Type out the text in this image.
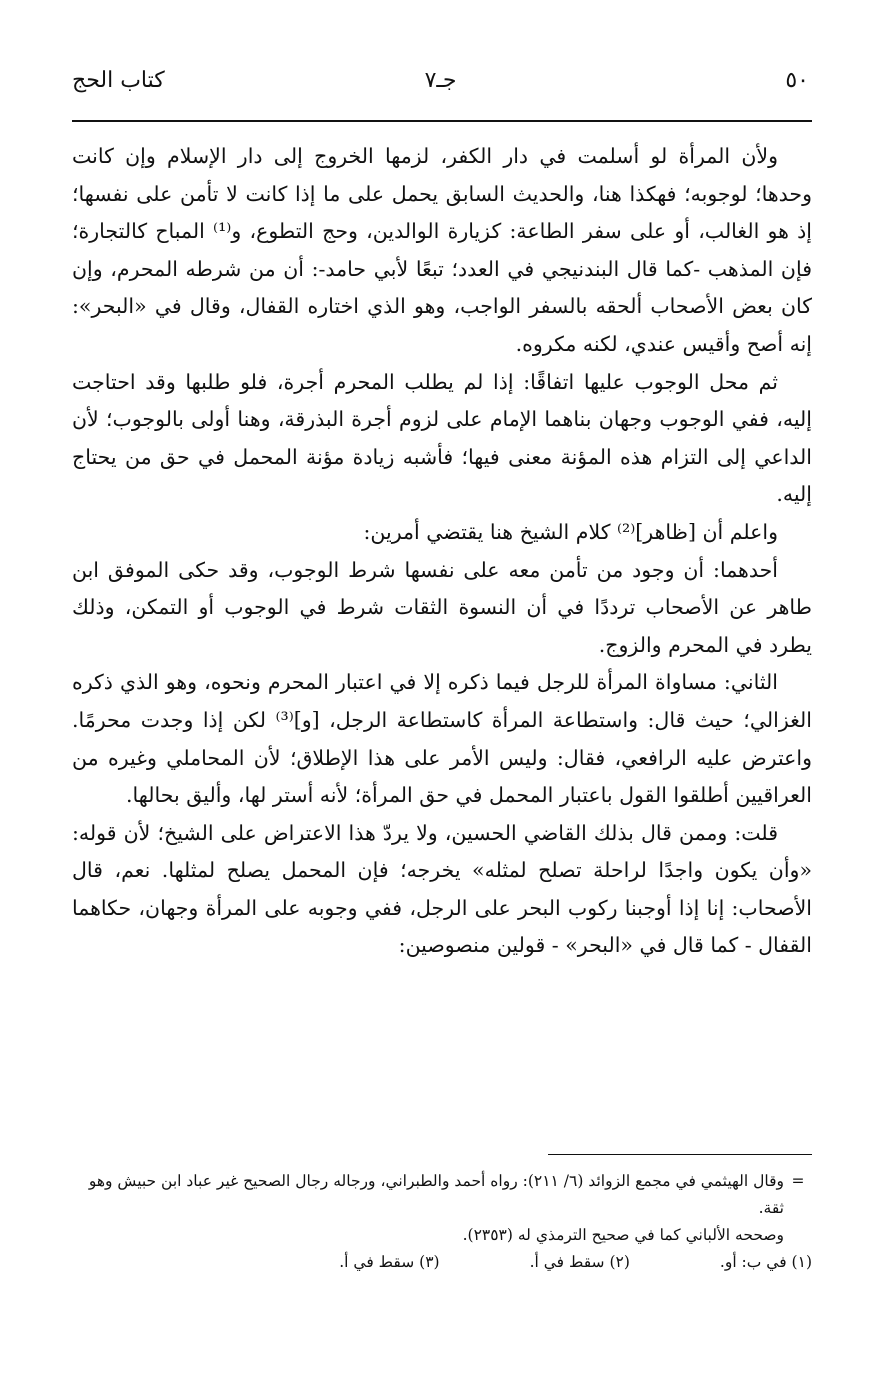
كتاب الحج	جـ٧	٥٠

ولأن المرأة لو أسلمت في دار الكفر، لزمها الخروج إلى دار الإسلام وإن كانت وحدها؛ لوجوبه؛ فهكذا هنا، والحديث السابق يحمل على ما إذا كانت لا تأمن على نفسها؛ إذ هو الغالب، أو على سفر الطاعة: كزيارة الوالدين، وحج التطوع، و⁽¹⁾ المباح كالتجارة؛ فإن المذهب -كما قال البندنيجي في العدد؛ تبعًا لأبي حامد-: أن من شرطه المحرم، وإن كان بعض الأصحاب ألحقه بالسفر الواجب، وهو الذي اختاره القفال، وقال في «البحر»: إنه أصح وأقيس عندي، لكنه مكروه.

ثم محل الوجوب عليها اتفاقًا: إذا لم يطلب المحرم أجرة، فلو طلبها وقد احتاجت إليه، ففي الوجوب وجهان بناهما الإمام على لزوم أجرة البذرقة، وهنا أولى بالوجوب؛ لأن الداعي إلى التزام هذه المؤنة معنى فيها؛ فأشبه زيادة مؤنة المحمل في حق من يحتاج إليه.

واعلم أن [ظاهر]⁽²⁾ كلام الشيخ هنا يقتضي أمرين:

أحدهما: أن وجود من تأمن معه على نفسها شرط الوجوب، وقد حكى الموفق ابن طاهر عن الأصحاب ترددًا في أن النسوة الثقات شرط في الوجوب أو التمكن، وذلك يطرد في المحرم والزوج.

الثاني: مساواة المرأة للرجل فيما ذكره إلا في اعتبار المحرم ونحوه، وهو الذي ذكره الغزالي؛ حيث قال: واستطاعة المرأة كاستطاعة الرجل، [و]⁽³⁾ لكن إذا وجدت محرمًا. واعترض عليه الرافعي، فقال: وليس الأمر على هذا الإطلاق؛ لأن المحاملي وغيره من العراقيين أطلقوا القول باعتبار المحمل في حق المرأة؛ لأنه أستر لها، وأليق بحالها.

قلت: وممن قال بذلك القاضي الحسين، ولا يردّ هذا الاعتراض على الشيخ؛ لأن قوله: «وأن يكون واجدًا لراحلة تصلح لمثله» يخرجه؛ فإن المحمل يصلح لمثلها. نعم، قال الأصحاب: إنا إذا أوجبنا ركوب البحر على الرجل، ففي وجوبه على المرأة وجهان، حكاهما القفال - كما قال في «البحر» - قولين منصوصين:

=
وقال الهيثمي في مجمع الزوائد (٦/ ٢١١): رواه أحمد والطبراني، ورجاله رجال الصحيح غير عباد ابن حبيش وهو ثقة.
وصححه الألباني كما في صحيح الترمذي له (٢٣٥٣).
(١) في ب: أو.
(٢) سقط في أ.
(٣) سقط في أ.
